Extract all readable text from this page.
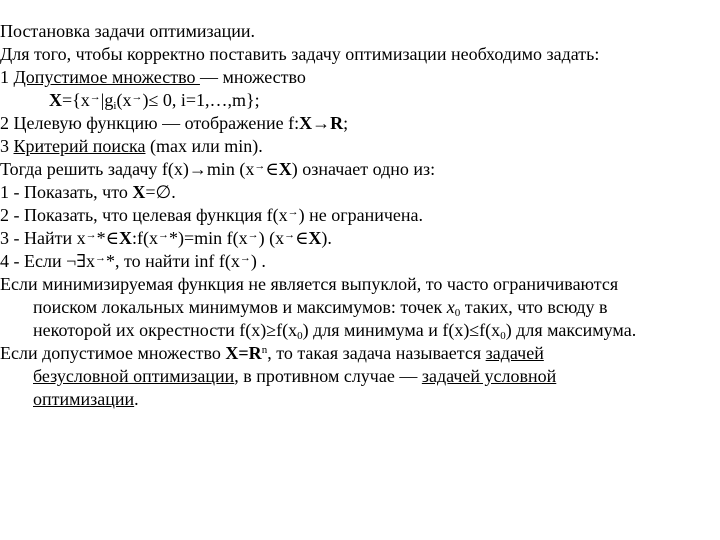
Постановка задачи оптимизации.

Для того, чтобы корректно поставить задачу оптимизации необходимо задать:

1 Допустимое множество — множество

$X=\{x^\to|g_i(x^\to)\le 0$, i=1,…,m};

2 Целевую функцию — отображение f:X→R;

3 Критерий поиска (max или min).

Тогда решить задачу f(x)→min (x→∈X) означает одно из:

1 - Показать, что X=∅.

2 - Показать, что целевая функция f(x→) не ограничена.

3 - Найти x→*∈X:f(x→*)=min f(x→) (x→∈X).

4 - Если ¬∃x→*, то найти inf f(x→) .

Если минимизируемая функция не является выпуклой, то часто ограничиваются

поиском локальных минимумов и максимумов: точек $x_0$ таких, что всюду в

некоторой их окрестности $f(x)\ge f(x_0)$ для минимума и $f(x)\le f(x_0)$ для максимума.

Если допустимое множество $X=R^n$, то такая задача называется задачей

безусловной оптимизации, в противном случае — задачей условной

оптимизации.
